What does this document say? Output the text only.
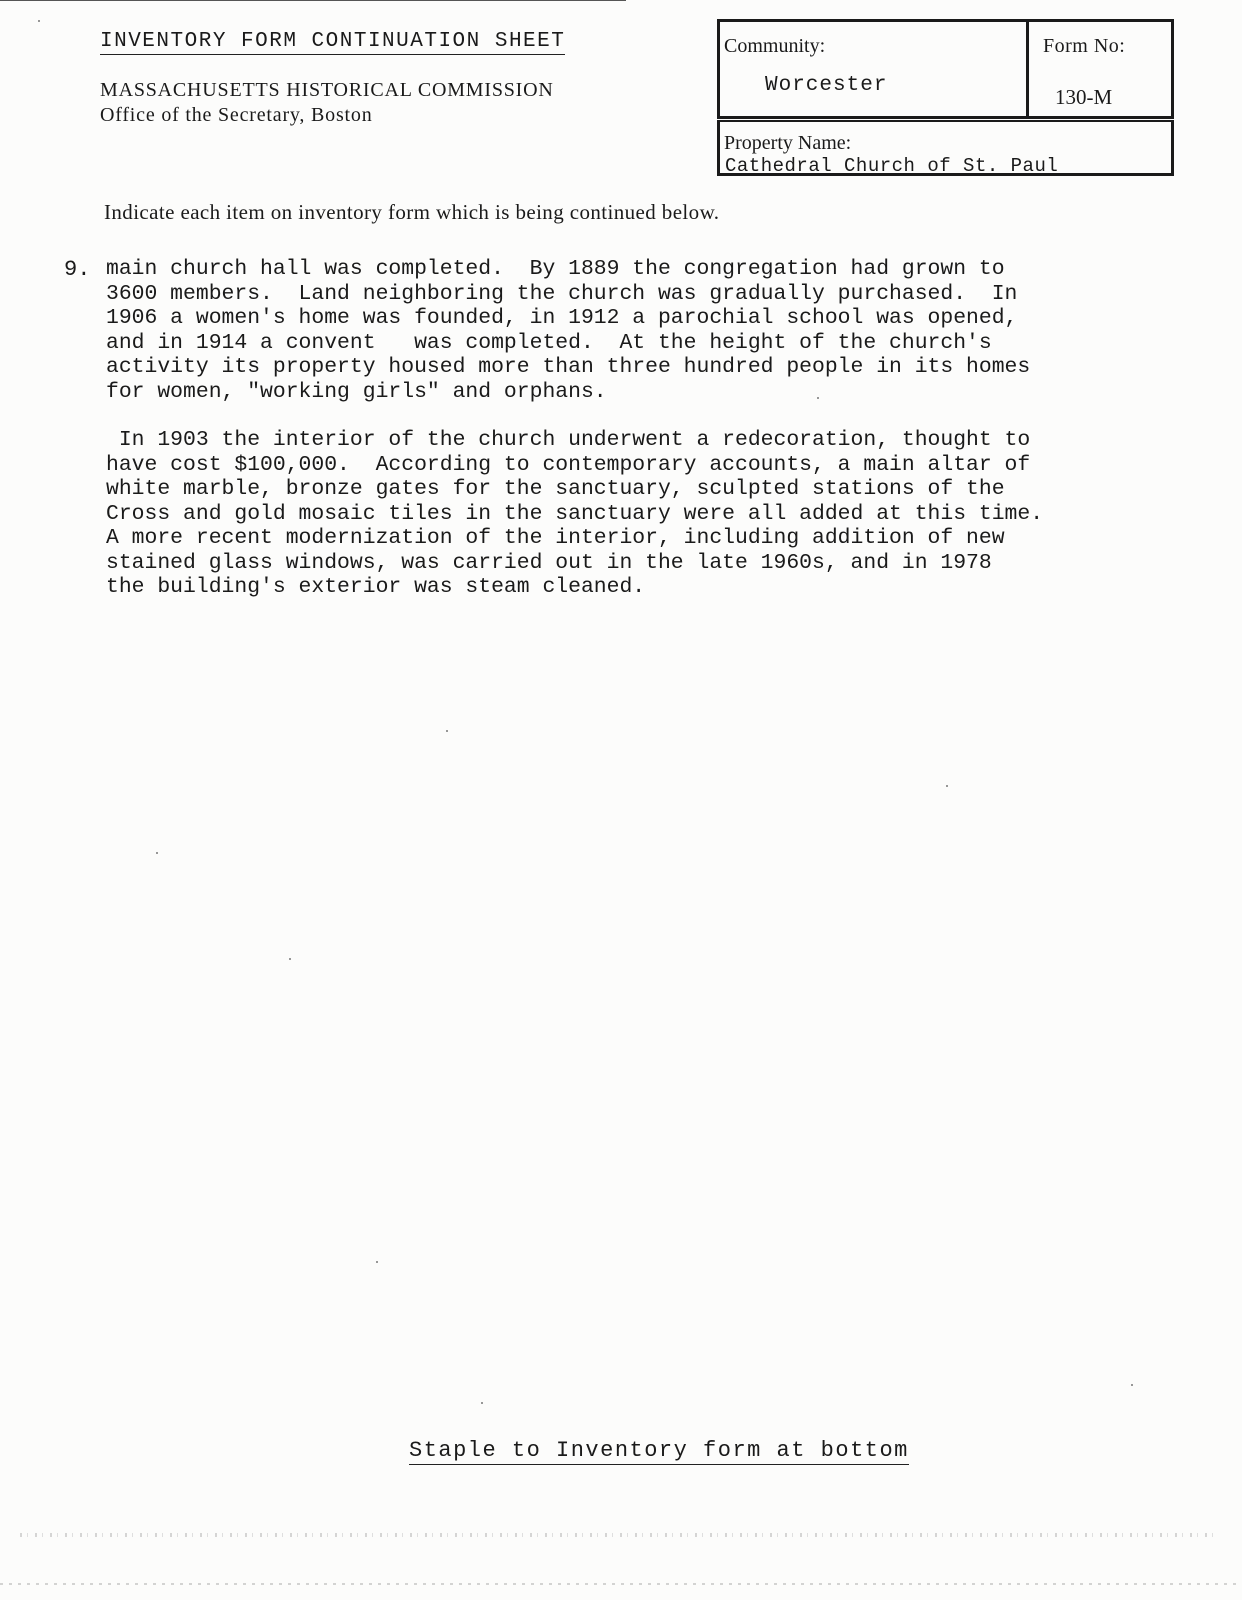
INVENTORY FORM CONTINUATION SHEET
MASSACHUSETTS HISTORICAL COMMISSION
Office of the Secretary, Boston
Community:
Worcester
Form No:
130-M
Property Name:
Cathedral Church of St. Paul
Indicate each item on inventory form which is being continued below.
9. main church hall was completed.  By 1889 the congregation had grown to
3600 members.  Land neighboring the church was gradually purchased.  In
1906 a women's home was founded, in 1912 a parochial school was opened,
and in 1914 a convent   was completed.  At the height of the church's
activity its property housed more than three hundred people in its homes
for women, "working girls" and orphans.
In 1903 the interior of the church underwent a redecoration, thought to
have cost $100,000.  According to contemporary accounts, a main altar of
white marble, bronze gates for the sanctuary, sculpted stations of the
Cross and gold mosaic tiles in the sanctuary were all added at this time.
A more recent modernization of the interior, including addition of new
stained glass windows, was carried out in the late 1960s, and in 1978
the building's exterior was steam cleaned.
Staple to Inventory form at bottom
